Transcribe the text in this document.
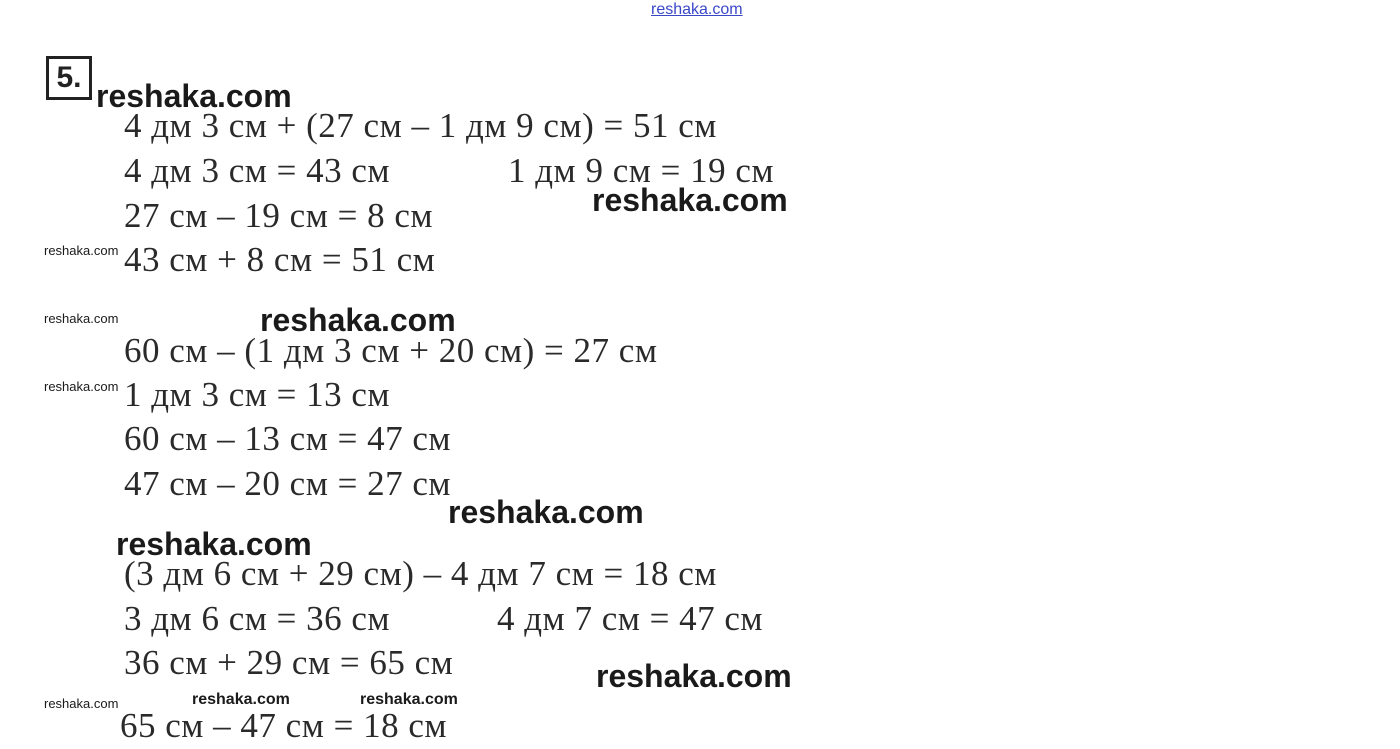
reshaka.com
5.
reshaka.com
4 дм 3 см + (27 см – 1 дм 9 см) = 51 см
4 дм 3 см = 43 см	1 дм 9 см = 19 см
reshaka.com
27 см – 19 см = 8 см
reshaka.com 43 см + 8 см = 51 см
reshaka.com	reshaka.com
60 см – (1 дм 3 см + 20 см) = 27 см
reshaka.com 1 дм 3 см = 13 см
60 см – 13 см = 47 см
47 см – 20 см = 27 см
reshaka.com
reshaka.com
(3 дм 6 см + 29 см) – 4 дм 7 см = 18 см
3 дм 6 см = 36 см	4 дм 7 см = 47 см
36 см + 29 см = 65 см	reshaka.com
reshaka.com	reshaka.com	reshaka.com
65 см – 47 см = 18 см
